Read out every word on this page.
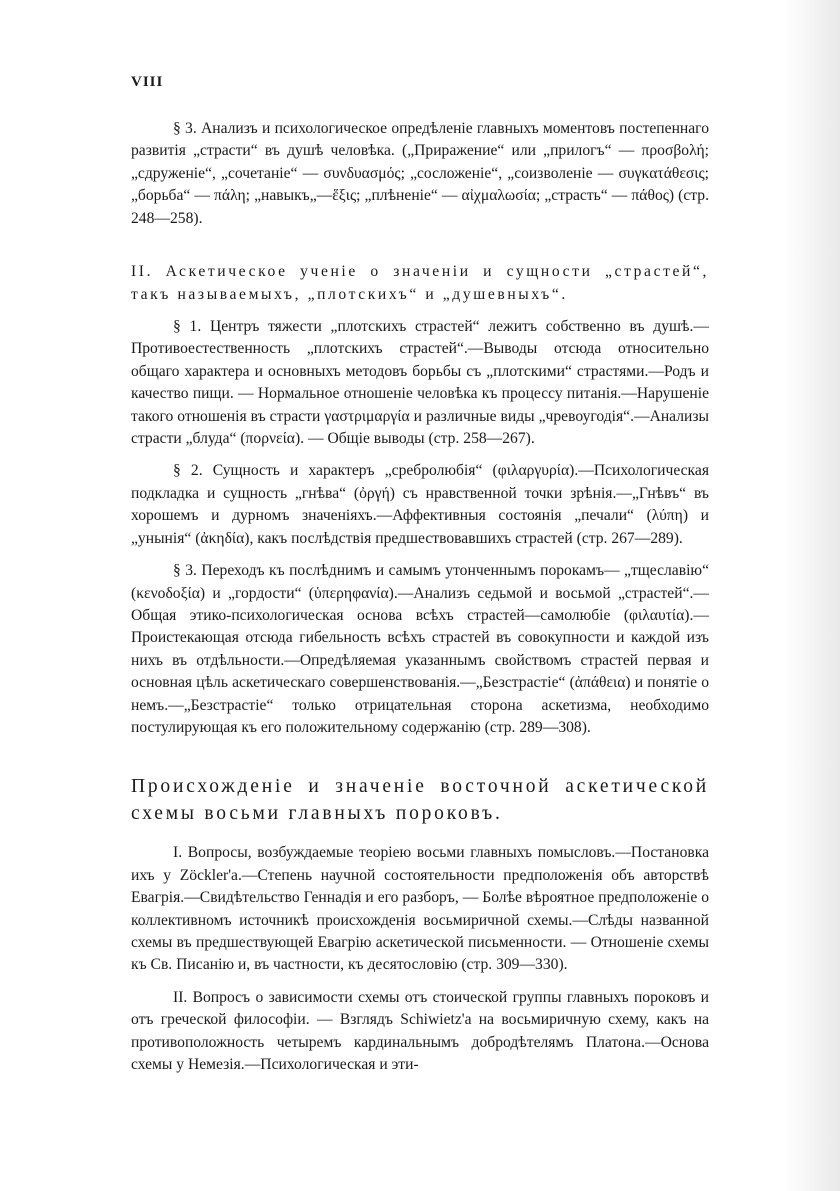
VIII

§ 3. Анализъ и психологическое опредѣленіе главныхъ моментовъ постепеннаго развитія „страсти“ въ душѣ человѣка. („Приражение“ или „прилогъ“ — προσβολή; „сдруженіе“, „сочетаніе“ — συνδυασμός; „сосложеніе“, „соизволеніе — συγκατάθεσις; „борьба“ — πάλη; „навыкъ„—ἕξις; „плѣненіе“ — αἰχμαλωσία; „страсть“ — πάθος) (стр. 248—258).

II. Аскетическое ученіе о значеніи и сущности „страстей“, такъ называемыхъ, „плотскихъ“ и „душевныхъ“.

§ 1. Центръ тяжести „плотскихъ страстей“ лежитъ собственно въ душѣ.—Противоестественность „плотскихъ страстей“.—Выводы отсюда относительно общаго характера и основныхъ методовъ борьбы съ „плотскими“ страстями.—Родъ и качество пищи. — Нормальное отношеніе человѣка къ процессу питанія.—Нарушеніе такого отношенія въ страсти γαστριμαργία и различные виды „чревоугодія“.—Анализы страсти „блуда“ (πορνεία). — Общіе выводы (стр. 258—267).

§ 2. Сущность и характеръ „сребролюбія“ (φιλαργυρία).—Психологическая подкладка и сущность „гнѣва“ (ὀργή) съ нравственной точки зрѣнія.—„Гнѣвъ“ въ хорошемъ и дурномъ значеніяхъ.—Аффективныя состоянія „печали“ (λύπη) и „унынія“ (ἀκηδία), какъ послѣдствія предшествовавшихъ страстей (стр. 267—289).

§ 3. Переходъ къ послѣднимъ и самымъ утонченнымъ порокамъ— „тщеславію“ (κενοδοξία) и „гордости“ (ὑπερηφανία).—Анализъ седьмой и восьмой „страстей“.—Общая этико-психологическая основа всѣхъ страстей—самолюбіе (φιλαυτία).—Проистекающая отсюда гибельность всѣхъ страстей въ совокупности и каждой изъ нихъ въ отдѣльности.—Опредѣляемая указаннымъ свойствомъ страстей первая и основная цѣль аскетическаго совершенствованія.—„Безстрастіе“ (ἀπάθεια) и понятіе о немъ.—„Безстрастіе“ только отрицательная сторона аскетизма, необходимо постулирующая къ его положительному содержанію (стр. 289—308).

Происхожденіе и значеніе восточной аскетической схемы восьми главныхъ пороковъ.

I. Вопросы, возбуждаемые теоріею восьми главныхъ помысловъ.—Постановка ихъ у Zöckler'a.—Степень научной состоятельности предположенія объ авторствѣ Евагрія.—Свидѣтельство Геннадія и его разборъ, — Болѣе вѣроятное предположеніе о коллективномъ источникѣ происхожденія восьмиричной схемы.—Слѣды названной схемы въ предшествующей Евагрію аскетической письменности. — Отношеніе схемы къ Св. Писанію и, въ частности, къ десятословію (стр. 309—330).

II. Вопросъ о зависимости схемы отъ стоической группы главныхъ пороковъ и отъ греческой философіи. — Взглядъ Schiwietz'a на восьмиричную схему, какъ на противоположность четыремъ кардинальнымъ добродѣтелямъ Платона.—Основа схемы у Немезія.—Психологическая и эти-
